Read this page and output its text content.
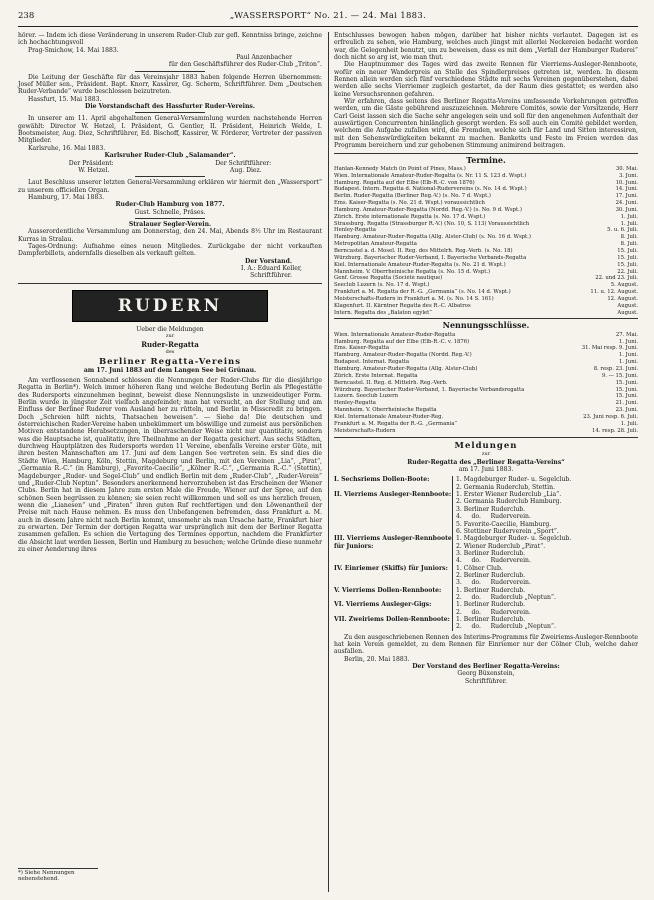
238	„WASSERSPORT“ No. 21. — 24. Mai 1883.

hörer. — Indem ich diese Veränderung in unserem Ruder-Club zur gefl. Kenntniss bringe, zeichne ich hochachtungsvoll

Prag-Smichow, 14. Mai 1883.

Paul Anzenbacher

für den Geschäftsführer des Ruder-Club „Triton“.

Die Leitung der Geschäfte für das Vereinsjahr 1883 haben folgende Herren übernommen: Josef Müller sen., Präsident. Bapt. Knorr, Kassirer, Gg. Scherm, Schriftführer. Dem „Deutschen Ruder-Verbande“ wurde beschlossen beizutreten.

Hassfurt, 15. Mai 1883.

Die Vorstandschaft des Hassfurter Ruder-Vereins.

In unserer am 11. April abgehaltenen General-Versammlung wurden nachstehende Herren gewählt: Director W. Hetzel, I. Präsident, G. Gentler, II. Präsident, Heinrich Welde, I. Bootsmeister, Aug. Diez, Schriftführer, Ed. Bischoff, Kassirer, W. Förderer, Vertreter der passiven Mitglieder.

Karlsruhe, 16. Mai 1883.

Karlsruher Ruder-Club „Salamander“.

Der Präsident:	Der Schriftführer:
W. Hetzel.	Aug. Diez.

Laut Beschluss unserer letzten General-Versammlung erklären wir hiermit den „Wassersport“ zu unserem officiellen Organ.

Hamburg, 17. Mai 1883.

Ruder-Club Hamburg von 1877.

Gust. Schnelle, Präses.

Stralauer Segler-Verein.

Ausserordentliche Versammlung am Donnerstag, den 24. Mai, Abends 8½ Uhr im Restaurant Kurras in Stralau.

Tages-Ordnung: Aufnahme eines neuen Mitgliedes. Zurückgabe der nicht verkauften Dampferbillets, andernfalls dieselben als verkauft gelten.

Der Vorstand.

I. A.: Eduard Keller,

Schriftführer.

RUDERN

Ueber die Meldungen

zur

Ruder-Regatta

des

Berliner Regatta-Vereins

am 17. Juni 1883 auf dem Langen See bei Grünau.

Am verflossenen Sonnabend schlossen die Nennungen der Ruder-Clubs für die diesjährige Regatta in Berlin*). Welch immer höheren Rang und welche Bedeutung Berlin als Pflegestätte des Rudersports einzunehmen beginnt, beweist diese Nennungsliste in unzweideutiger Form. Berlin wurde in jüngster Zeit vielfach angefeindet; man hat versucht, an der Stellung und am Einfluss der Berliner Ruderer vom Ausland her zu rütteln, und Berlin in Misscredit zu bringen. Doch „Schreien hilft nichts, Thatsachen beweisen“. — Siehe da! Die deutschen und österreichischen Ruder-Vereine haben unbekümmert um böswillige und zumeist aus persönlichen Motiven entstandene Herabsetzungen, in überraschender Weise nicht nur quantitativ, sondern was die Hauptsache ist, qualitativ, ihre Theilnahme an der Regatta gesichert. Aus sechs Städten, durchweg Hauptplätzen des Rudersports werden 11 Vereine, ebenfalls Vereine erster Güte, mit ihren besten Mannschaften am 17. Juni auf dem Langen See vertreten sein. Es sind dies die Städte Wien, Hamburg, Köln, Stettin, Magdeburg und Berlin, mit den Vereinen „Lia“, „Pirat“, „Germania R.-C.“ (in Hamburg), „Favorite-Caecilie“, „Kölner R.-C.“, „Germania R.-C.“ (Stettin), Magdeburger „Ruder- und Segel-Club“ und endlich Berlin mit dem „Ruder-Club“, „Ruder-Verein“ und „Ruder-Club Neptun“. Besonders anerkennend hervorzuheben ist das Erscheinen der Wiener Clubs. Berlin hat in diesem Jahre zum ersten Male die Freude, Wiener auf der Spree, auf den schönen Seen begrüssen zu können; sie seien recht willkommen und soll es uns herzlich freuen, wenn die „Lianesen“ und „Piraten“ ihren guten Ruf rechtfertigen und den Löwenantheil der Preise mit nach Hause nehmen. Es muss den Unbefangenen befremden, dass Frankfurt a. M. auch in diesem Jahre nicht nach Berlin kommt, umsomehr als man Ursache hatte, Frankfurt hier zu erwarten. Der Termin der dortigen Regatta war ursprünglich mit dem der Berliner Regatta zusammen gefallen. Es schien die Vertagung des Termines opportun, nachdem die Frankfurter die Absicht laut werden liessen, Berlin und Hamburg zu besuchen; welche Gründe diese nunmehr zu einer Aenderung ihres

*) Siehe Nennungen nebenstehend.

Entschlusses bewogen haben mögen, darüber hat bisher nichts verlautet. Dagegen ist es erfreulich zu sehen, wie Hamburg, welches auch jüngst mit allerlei Neckereien bedacht worden war, die Gelegenheit benutzt, um zu beweisen, dass es mit dem „Verfall der Hamburger Ruderei“ doch nicht so arg ist, wie man thut.

Die Hauptnummer des Tages wird das zweite Rennen für Vierriems-Ausleger-Rennboote, wofür ein neuer Wanderpreis an Stelle des Spindlerpreises getreten ist, werden. In diesem Rennen allein werden sich fünf verschiedene Städte mit sechs Vereinen gegenüberstehen, dabei werden alle sechs Vierriemer zugleich gestartet, da der Raum dies gestattet; es werden also keine Versuchsrennen gefahren.

Wir erfahren, dass seitens des Berliner Regatta-Vereins umfassende Vorkehrungen getroffen werden, um die Gäste gebührend auszuzeichnen. Mehrere Comités, sowie der Vorsitzende, Herr Carl Geist lassen sich die Sache sehr angelegen sein und soll für den angenehmen Aufenthalt der auswärtigen Concurrenten hinlänglich gesorgt werden. Es soll auch ein Comité gebildet werden, welchem die Aufgabe zufallen wird, die Fremden, welche sich für Land und Sitten interessiren, mit den Sehenswürdigkeiten bekannt zu machen. Banketts und Feste im Freien werden das Programm bereichern und zur gehobenen Stimmung animirend beitragen.

Termine.
Hanlan-Kennedy Match (in Point of Pines, Mass.)	30. Mai.
Wien. Internationale Amateur-Ruder-Regatta (s. Nr. 11 S. 123 d. Wspt.)	3. Juni.
Hamburg. Regatta auf der Elbe (Elb-R.-C. von 1876)	10. Juni.
Budapest. Intern. Regatta d. National-Rudervereins (s. No. 14 d. Wspt.)	14. Juni.
Berlin. Ruder-Regatta (Berliner Reg.-V.) (s. No. 7 d. Wspt.)	17. Juni.
Ems. Kaiser-Regatta (s. No. 21 d. Wspt.) voraussichtlich	24. Juni.
Hamburg. Amateur-Ruder-Regatta (Nordd. Reg.-V.) (s. No. 9 d. Wspt.)	30. Juni.
Zürich. Erste internationale Regatta (s. No. 17 d. Wspt.)	1. Juli.
Strassburg. Regatta (Strassburger R.-V.) (No. 10, S. 113) Voraussichtlich	1. Juli.
Henley-Regatta	5. u. 6. Juli.
Hamburg. Amateur-Ruder-Regatta (Allg. Alster-Club) (s. No. 16 d. Wspt.)	8. Juli.
Metropolitan Amateur-Regatta	8. Juli.
Berncastel a. d. Mosel. II. Reg. des Mittelrh. Reg.-Verb. (s. No. 18)	15. Juli.
Würzburg. Bayerischer Ruder-Verband, I. Bayerische Verbands-Regatta	15. Juli.
Kiel. Internationale Amateur-Ruder-Regatta (s. No. 21 d. Wspt.)	15. Juli.
Mannheim. V. Oberrheinische Regatta (s. No. 15 d. Wspt.)	22. Juli.
Genf. Grosse Regatta (Société nautique)	22. und 23. Juli.
Seeclub Luzern (s. No. 17 d. Wspt.)	5. August.
Frankfurt a. M. Regatta der R.-G. „Germania“ (s. No. 14 d. Wspt.)	11. u. 12. August.
Meisterschafts-Rudern in Frankfurt a. M. (s. No. 14 S. 161)	12. August.
Klagenfurt. II. Kärntner Regatta des R.-C. Albatros	August.
Intern. Regatta des „Balaton egylet“	August.
Nennungsschlüsse.
Wien. Internationale Amateur-Ruder-Regatta	27. Mai.
Hamburg. Regatta auf der Elbe (Elb-R.-C. v. 1876)	1. Juni.
Ems. Kaiser-Regatta	31. Mai resp. 9. Juni.
Hamburg. Amateur-Ruder-Regatta (Nordd. Reg.-V.)	1. Juni.
Budapest. Internat. Regatta	1. Juni.
Hamburg. Amateur-Ruder-Regatta (Allg. Alster-Club)	8. resp. 23. Juni.
Zürich. Erste Internat. Regatta	9. — 15. Juni.
Berncastel. II. Reg. d. Mittelrh. Reg.-Verb.	15. Juni.
Würzburg. Bayerischer Ruder-Verband, 1. Bayerische Verbandsregatta	15. Juni.
Luzern. Seeclub Luzern	15. Juni.
Henley-Regatta	21. Juni.
Mannheim. V. Oberrheinische Regatta	23. Juni.
Kiel. Internationale Amateur-Ruder-Reg.	23. Juni resp. 6. Juli.
Frankfurt a. M. Regatta der R.-G. „Germania“	1. Juli.
Meisterschafts-Rudern	14. resp. 28. Juli.

Meldungen

zur

Ruder-Regatta des „Berliner Regatta-Vereins“

am 17. Juni 1883.

I. Sechsriems Dollen-Boote:	1. Magdeburger Ruder- u. Segelclub.
2. Germania Ruderclub, Stettin.
II. Vierriems Ausleger-Rennboote: 1. Erster Wiener Ruderclub „Lia“.
2. Germania Ruderclub Hamburg.
3. Berliner Ruderclub.
4.     do.     Ruderverein.
5. Favorite-Caecilie, Hamburg.
6. Stettiner Ruderverein „Sport“.
III. Vierriems Ausleger-Rennboote für Juniors:
1. Magdeburger Ruder- u. Segelclub.
2. Wiener Ruderclub „Pirat“.
3. Berliner Ruderclub.
4.     do.     Ruderverein.
IV. Einriemer (Skiffs) für Juniors:	1. Cölner Club.
2. Berliner Ruderclub.
3.     do.     Ruderverein.
V. Vierriems Dollen-Rennboote:	1. Berliner Ruderclub.
2.     do.     Ruderclub „Neptun“.
VI. Vierriems Ausleger-Gigs:	1. Berliner Ruderclub.
2.     do.     Ruderverein.
VII. Zweiriems Dollen-Rennboote: 1. Berliner Ruderclub.
2.     do.     Ruderclub „Neptun“.

Zu den ausgeschriebenen Rennen des Interims-Programms für Zweiriems-Ausleger-Rennboote hat kein Verein gemeldet, zu dem Rennen für Einriemer nur der Cölner Club, welche daher ausfallen.

Berlin, 20. Mai 1883.

Der Vorstand des Berliner Regatta-Vereins:

Georg Büxenstein,

Schriftführer.
